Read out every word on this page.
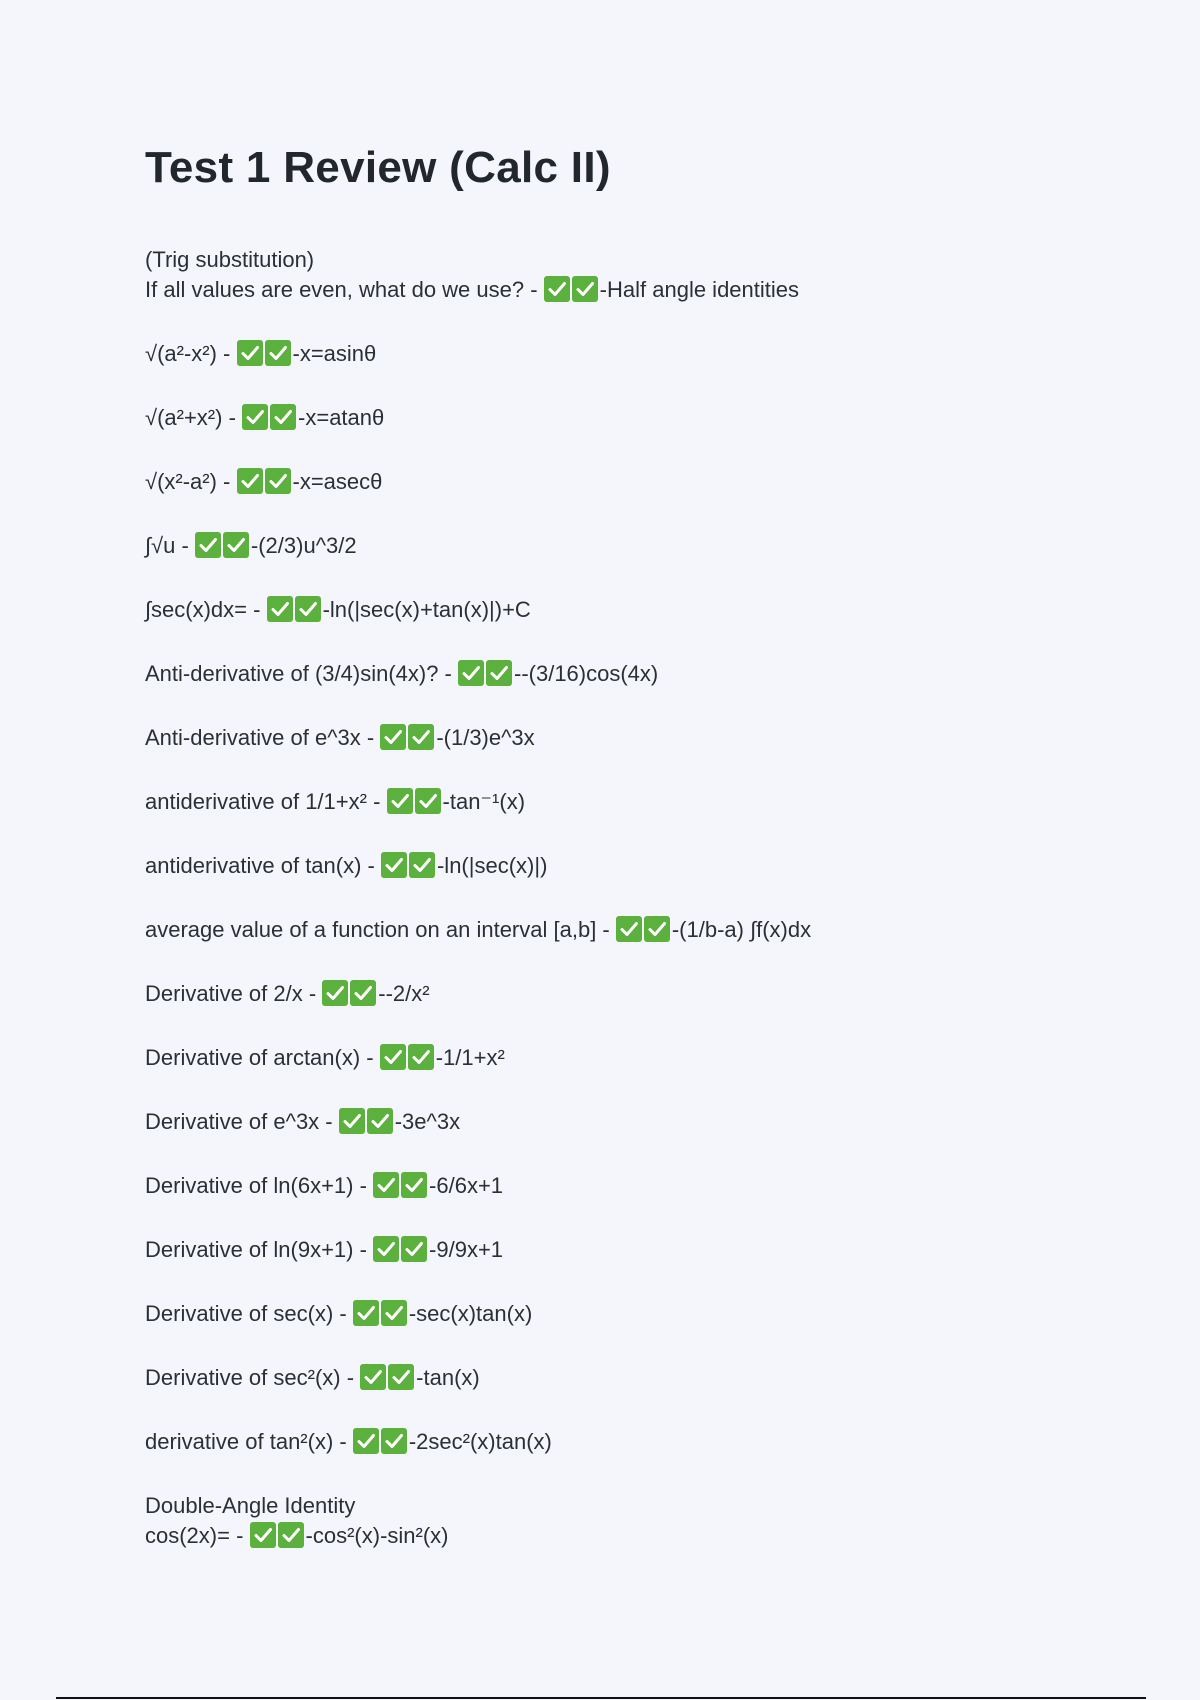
Test 1 Review (Calc II)
(Trig substitution)
If all values are even, what do we use? -	-Half angle identities
√(a²-x²) -	-x=asinθ
√(a²+x²) -	-x=atanθ
√(x²-a²) -	-x=asecθ
∫√u -	-(2/3)u^3/2
∫sec(x)dx= -	-ln(|sec(x)+tan(x)|)+C
Anti-derivative of (3/4)sin(4x)? -	--(3/16)cos(4x)
Anti-derivative of e^3x -	-(1/3)e^3x
antiderivative of 1/1+x² -	-tan⁻¹(x)
antiderivative of tan(x) -	-ln(|sec(x)|)
average value of a function on an interval [a,b] -	-(1/b-a) ∫f(x)dx
Derivative of 2/x -	--2/x²
Derivative of arctan(x) -	-1/1+x²
Derivative of e^3x -	-3e^3x
Derivative of ln(6x+1) -	-6/6x+1
Derivative of ln(9x+1) -	-9/9x+1
Derivative of sec(x) -	-sec(x)tan(x)
Derivative of sec²(x) -	-tan(x)
derivative of tan²(x) -	-2sec²(x)tan(x)
Double-Angle Identity
cos(2x)= -	-cos²(x)-sin²(x)
